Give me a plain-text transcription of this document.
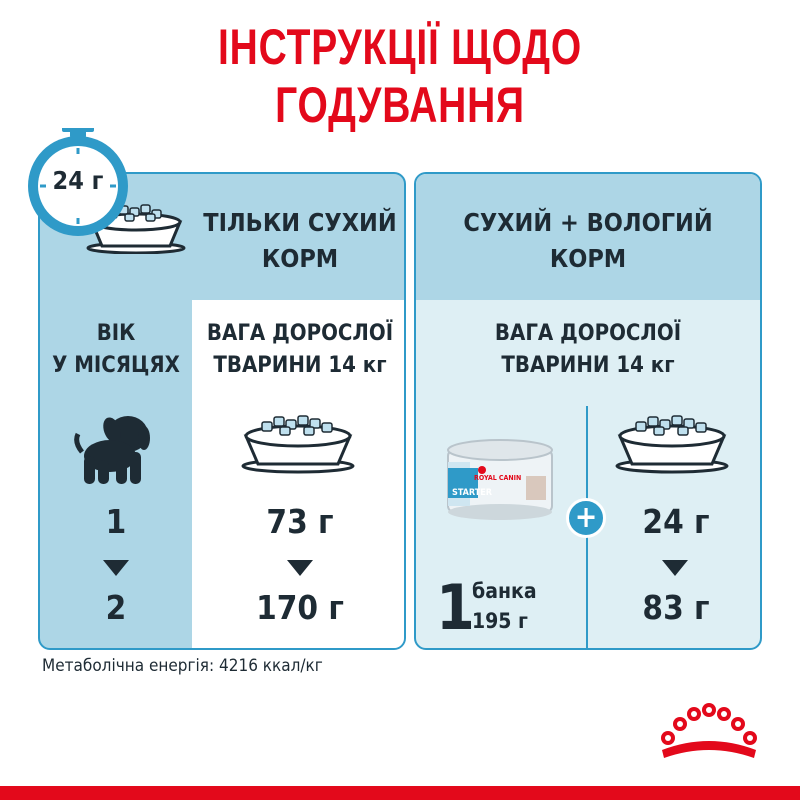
ІНСТРУКЦІЇ ЩОДО ГОДУВАННЯ
ТІЛЬКИ СУХИЙ
КОРМ
ВІК
У МІСЯЦЯХ
ВАГА ДОРОСЛОЇ
ТВАРИНИ 14 кг
1
2
73 г
170 г
24 г
СУХИЙ + ВОЛОГИЙ
КОРМ
ВАГА ДОРОСЛОЇ
ТВАРИНИ 14 кг
ROYAL CANIN
STARTER
1
банка
195 г
24 г
83 г
+
Метаболічна енергія: 4216 ккал/кг
